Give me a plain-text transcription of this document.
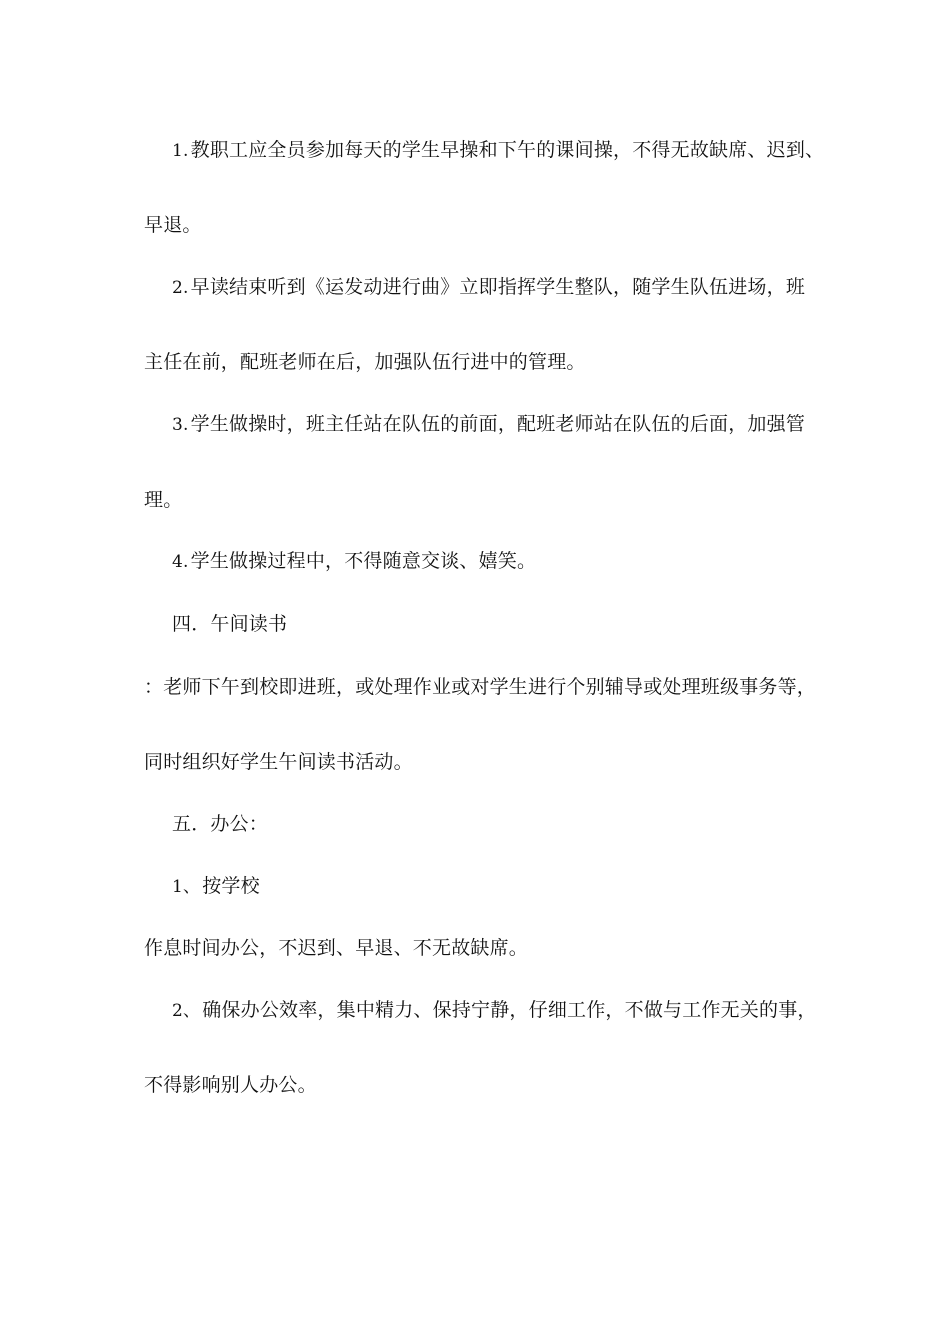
1. 教职工应全员参加每天的学生早操和下午的课间操，不得无故缺席、迟到、
早退。
2. 早读结束听到《运发动进行曲》立即指挥学生整队，随学生队伍进场，班
主任在前，配班老师在后，加强队伍行进中的管理。
3. 学生做操时，班主任站在队伍的前面，配班老师站在队伍的后面，加强管
理。
4. 学生做操过程中，不得随意交谈、嬉笑。
四．午间读书
：老师下午到校即进班，或处理作业或对学生进行个别辅导或处理班级事务等，
同时组织好学生午间读书活动。
五．办公：
1、 按学校
作息时间办公，不迟到、早退、不无故缺席。
2、 确保办公效率，集中精力、保持宁静，仔细工作，不做与工作无关的事，
不得影响别人办公。
